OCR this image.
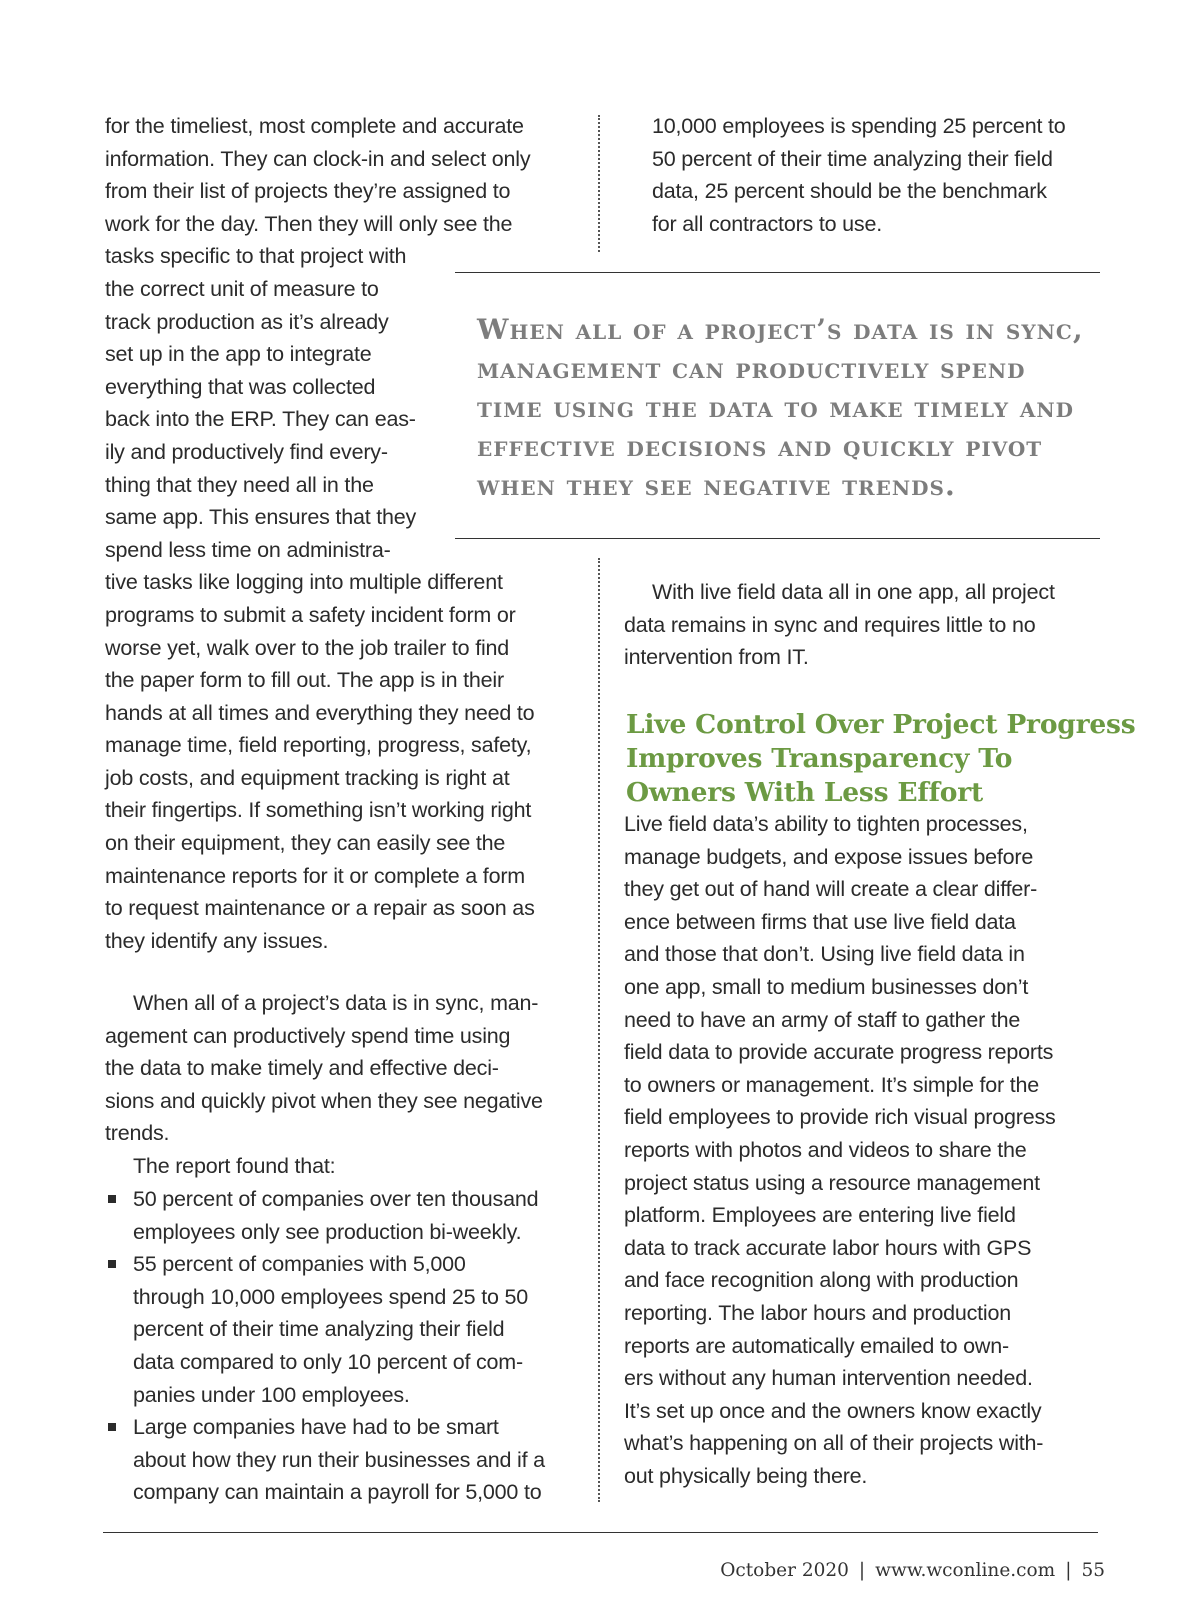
for the timeliest, most complete and accurate
information. They can clock-in and select only
from their list of projects they’re assigned to
work for the day. Then they will only see the
tasks specific to that project with
the correct unit of measure to
track production as it’s already
set up in the app to integrate
everything that was collected
back into the ERP. They can eas-
ily and productively find every-
thing that they need all in the
same app. This ensures that they
spend less time on administra-
tive tasks like logging into multiple different
programs to submit a safety incident form or
worse yet, walk over to the job trailer to find
the paper form to fill out. The app is in their
hands at all times and everything they need to
manage time, field reporting, progress, safety,
job costs, and equipment tracking is right at
their fingertips. If something isn’t working right
on their equipment, they can easily see the
maintenance reports for it or complete a form
to request maintenance or a repair as soon as
they identify any issues.
When all of a project’s data is in sync, man-
agement can productively spend time using
the data to make timely and effective deci-
sions and quickly pivot when they see negative
trends.
The report found that:
50 percent of companies over ten thousand
employees only see production bi-weekly.
55 percent of companies with 5,000
through 10,000 employees spend 25 to 50
percent of their time analyzing their field
data compared to only 10 percent of com-
panies under 100 employees.
Large companies have had to be smart
about how they run their businesses and if a
company can maintain a payroll for 5,000 to
10,000 employees is spending 25 percent to
50 percent of their time analyzing their field
data, 25 percent should be the benchmark
for all contractors to use.
When all of a project’s data is in sync,
management can productively spend
time using the data to make timely and
effective decisions and quickly pivot
when they see negative trends.
With live field data all in one app, all project
data remains in sync and requires little to no
intervention from IT.
Live Control Over Project Progress
Improves Transparency To
Owners With Less Effort
Live field data’s ability to tighten processes,
manage budgets, and expose issues before
they get out of hand will create a clear differ-
ence between firms that use live field data
and those that don’t. Using live field data in
one app, small to medium businesses don’t
need to have an army of staff to gather the
field data to provide accurate progress reports
to owners or management. It’s simple for the
field employees to provide rich visual progress
reports with photos and videos to share the
project status using a resource management
platform. Employees are entering live field
data to track accurate labor hours with GPS
and face recognition along with production
reporting. The labor hours and production
reports are automatically emailed to own-
ers without any human intervention needed.
It’s set up once and the owners know exactly
what’s happening on all of their projects with-
out physically being there.
October 2020 | www.wconline.com | 55
